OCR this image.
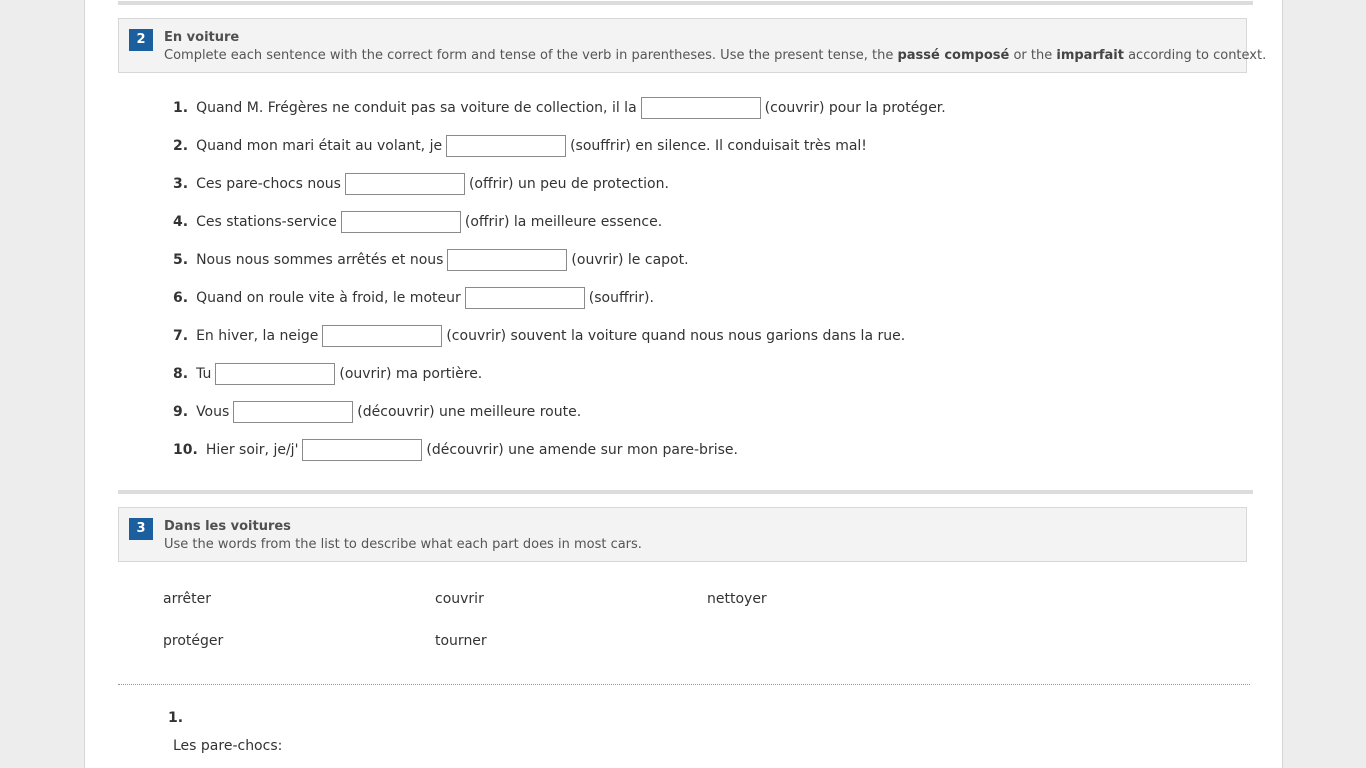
2	En voiture
Complete each sentence with the correct form and tense of the verb in parentheses. Use the present tense, the passé composé or the imparfait according to context.
1. Quand M. Frégères ne conduit pas sa voiture de collection, il la	(couvrir) pour la protéger.
2. Quand mon mari était au volant, je	(souffrir) en silence. Il conduisait très mal!
3. Ces pare-chocs nous	(offrir) un peu de protection.
4. Ces stations-service	(offrir) la meilleure essence.
5. Nous nous sommes arrêtés et nous	(ouvrir) le capot.
6. Quand on roule vite à froid, le moteur	(souffrir).
7. En hiver, la neige	(couvrir) souvent la voiture quand nous nous garions dans la rue.
8. Tu	(ouvrir) ma portière.
9. Vous	(découvrir) une meilleure route.
10. Hier soir, je/j'	(découvrir) une amende sur mon pare-brise.
3	Dans les voitures
Use the words from the list to describe what each part does in most cars.
arrêter	couvrir	nettoyer
protéger	tourner
1.
Les pare-chocs:
